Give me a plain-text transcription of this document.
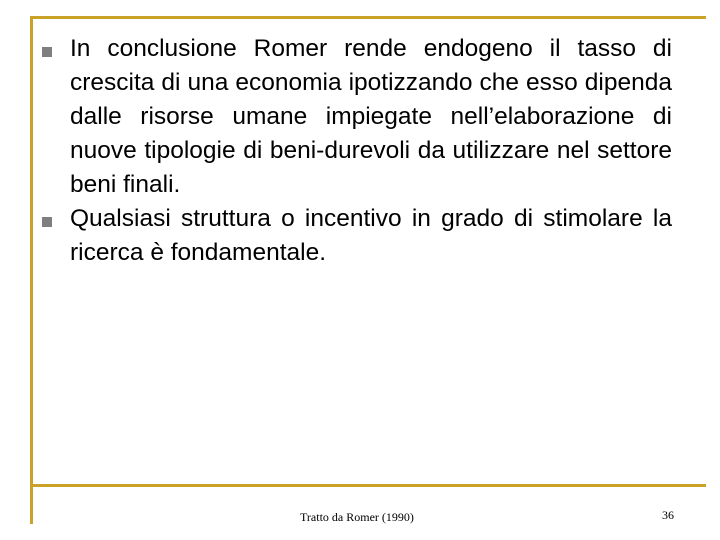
In conclusione Romer rende endogeno il tasso di crescita di una economia ipotizzando che esso dipenda dalle risorse umane impiegate nell’elaborazione di nuove tipologie di beni-durevoli da utilizzare nel settore beni finali.
Qualsiasi struttura o incentivo in grado di stimolare la ricerca è fondamentale.
Tratto da Romer (1990)	36
